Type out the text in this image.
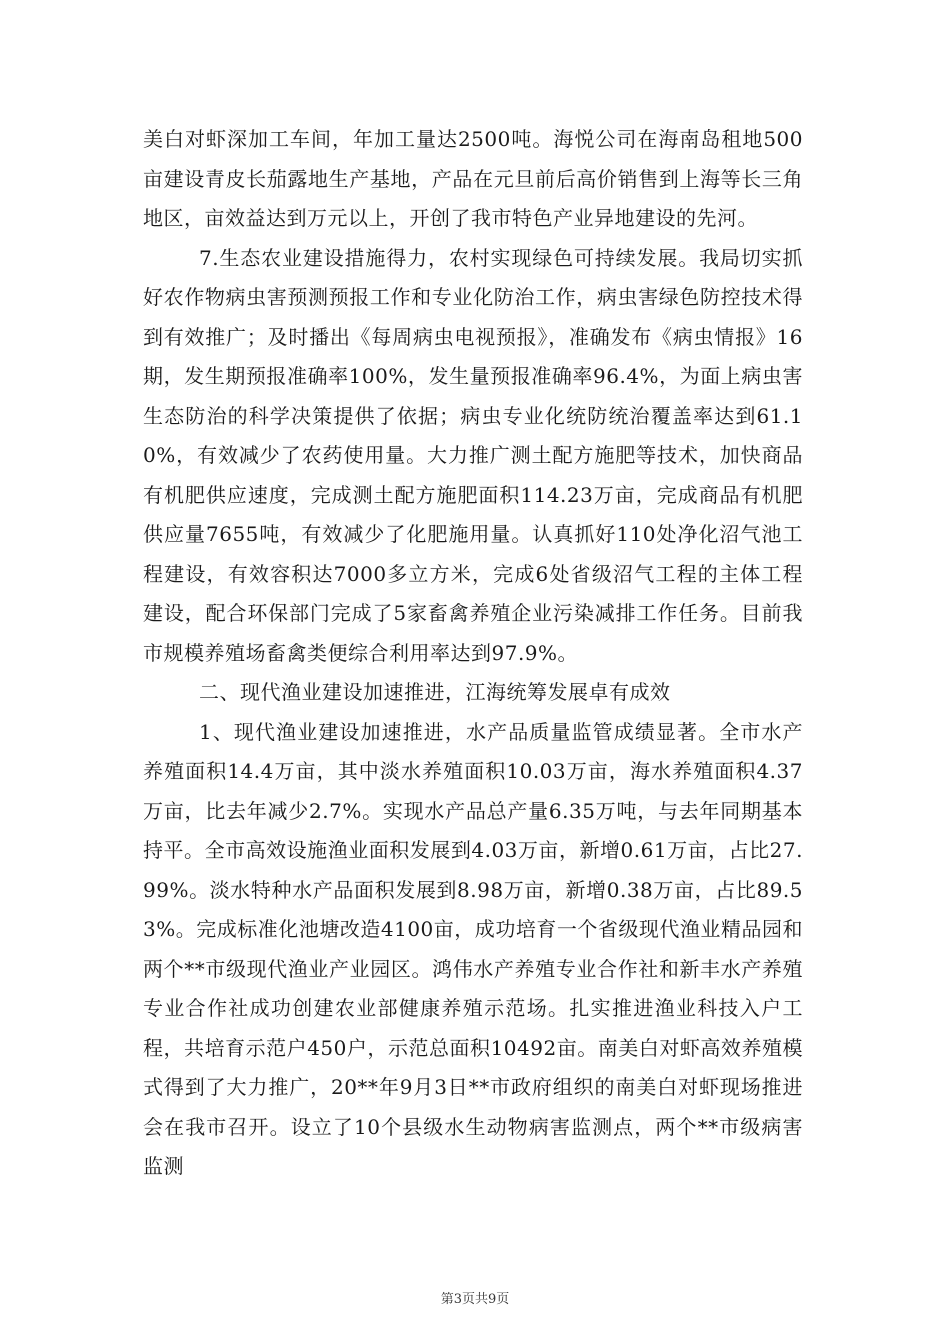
美白对虾深加工车间，年加工量达2500吨。海悦公司在海南岛租地500亩建设青皮长茄露地生产基地，产品在元旦前后高价销售到上海等长三角地区，亩效益达到万元以上，开创了我市特色产业异地建设的先河。

7.生态农业建设措施得力，农村实现绿色可持续发展。我局切实抓好农作物病虫害预测预报工作和专业化防治工作，病虫害绿色防控技术得到有效推广；及时播出《每周病虫电视预报》，准确发布《病虫情报》16期，发生期预报准确率100%，发生量预报准确率96.4%，为面上病虫害生态防治的科学决策提供了依据；病虫专业化统防统治覆盖率达到61.10%，有效减少了农药使用量。大力推广测土配方施肥等技术，加快商品有机肥供应速度，完成测土配方施肥面积114.23万亩，完成商品有机肥供应量7655吨，有效减少了化肥施用量。认真抓好110处净化沼气池工程建设，有效容积达7000多立方米，完成6处省级沼气工程的主体工程建设，配合环保部门完成了5家畜禽养殖企业污染减排工作任务。目前我市规模养殖场畜禽类便综合利用率达到97.9%。

二、现代渔业建设加速推进，江海统筹发展卓有成效

1、现代渔业建设加速推进，水产品质量监管成绩显著。全市水产养殖面积14.4万亩，其中淡水养殖面积10.03万亩，海水养殖面积4.37万亩，比去年减少2.7%。实现水产品总产量6.35万吨，与去年同期基本持平。全市高效设施渔业面积发展到4.03万亩，新增0.61万亩，占比27.99%。淡水特种水产品面积发展到8.98万亩，新增0.38万亩，占比89.53%。完成标准化池塘改造4100亩，成功培育一个省级现代渔业精品园和两个**市级现代渔业产业园区。鸿伟水产养殖专业合作社和新丰水产养殖专业合作社成功创建农业部健康养殖示范场。扎实推进渔业科技入户工程，共培育示范户450户，示范总面积10492亩。南美白对虾高效养殖模式得到了大力推广，20**年9月3日**市政府组织的南美白对虾现场推进会在我市召开。设立了10个县级水生动物病害监测点，两个**市级病害监测

第3页共9页
